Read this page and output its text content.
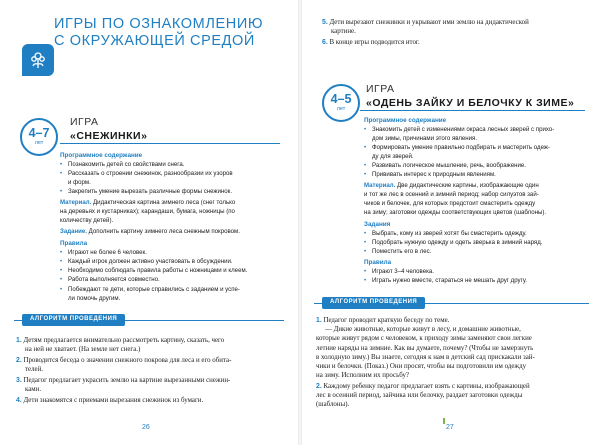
ИГРЫ ПО ОЗНАКОМЛЕНИЮ
С ОКРУЖАЮЩЕЙ СРЕДОЙ
4–7
лет
ИГРА
«СНЕЖИНКИ»
Программное содержание
• Познакомить детей со свойствами снега.
• Рассказать о строении снежинок, разнообразии их узоров
и форм.
• Закрепить умение вырезать различные формы снежинок.
Материал. Дидактическая картина зимнего леса (снег только
на деревьях и кустарниках); карандаши, бумага, ножницы (по
количеству детей).
Задание. Дополнить картину зимнего леса снежным покровом.
Правила
• Играют не более 6 человек.
• Каждый игрок должен активно участвовать в обсуждении.
• Необходимо соблюдать правила работы с ножницами и клеем.
• Работа выполняется совместно.
• Побеждают те дети, которые справились с заданием и успе-
ли помочь другим.
АЛГОРИТМ ПРОВЕДЕНИЯ
1. Детям предлагается внимательно рассмотреть картину, сказать, чего
на ней не хватает. (На земле нет снега.)
2. Проводится беседа о значении снежного покрова для леса и его обита-
телей.
3. Педагог предлагает украсить землю на картине вырезанными снежин-
ками.
4. Дети знакомятся с приемами вырезания снежинок из бумаги.
26
5. Дети вырезают снежинки и укрывают ими землю на дидактической
картине.
6. В конце игры подводится итог.
4–5
лет
ИГРА
«ОДЕНЬ ЗАЙКУ И БЕЛОЧКУ К ЗИМЕ»
Программное содержание
• Знакомить детей с изменениями окраса лесных зверей с прихо-
дом зимы, причинами этого явления.
• Формировать умение правильно подбирать и мастерить одеж-
ду для зверей.
• Развивать логическое мышление, речь, воображение.
• Прививать интерес к природным явлениям.
Материал. Две дидактические картины, изображающие один
и тот же лес в осенний и зимний период; набор силуэтов зай-
чиков и белочек, для которых предстоит смастерить одежду
на зиму; заготовки одежды соответствующих цветов (шаблоны).
Задания
• Выбрать, кому из зверей хотят бы смастерить одежду.
• Подобрать нужную одежду и одеть зверька в зимний наряд.
• Поместить его в лес.
Правила
• Играют 3–4 человека.
• Играть нужно вместе, стараться не мешать друг другу.
АЛГОРИТМ ПРОВЕДЕНИЯ
1. Педагог проводит краткую беседу по теме.
— Дикие животные, которые живут в лесу, и домашние животные,
которые живут рядом с человеком, к приходу зимы заменяют свои легкие
летние наряды на зимние. Как вы думаете, почему? (Чтобы не замерзнуть
в холодную зиму.) Вы знаете, сегодня к нам в детский сад прискакали зай-
чики и белочки. (Показ.) Они просят, чтобы вы подготовили им одежду
на зиму. Исполним их просьбу?
2. Каждому ребенку педагог предлагает взять с картины, изображающей
лес в осенний период, зайчика или белочку, раздает заготовки одежды
(шаблоны).
27
